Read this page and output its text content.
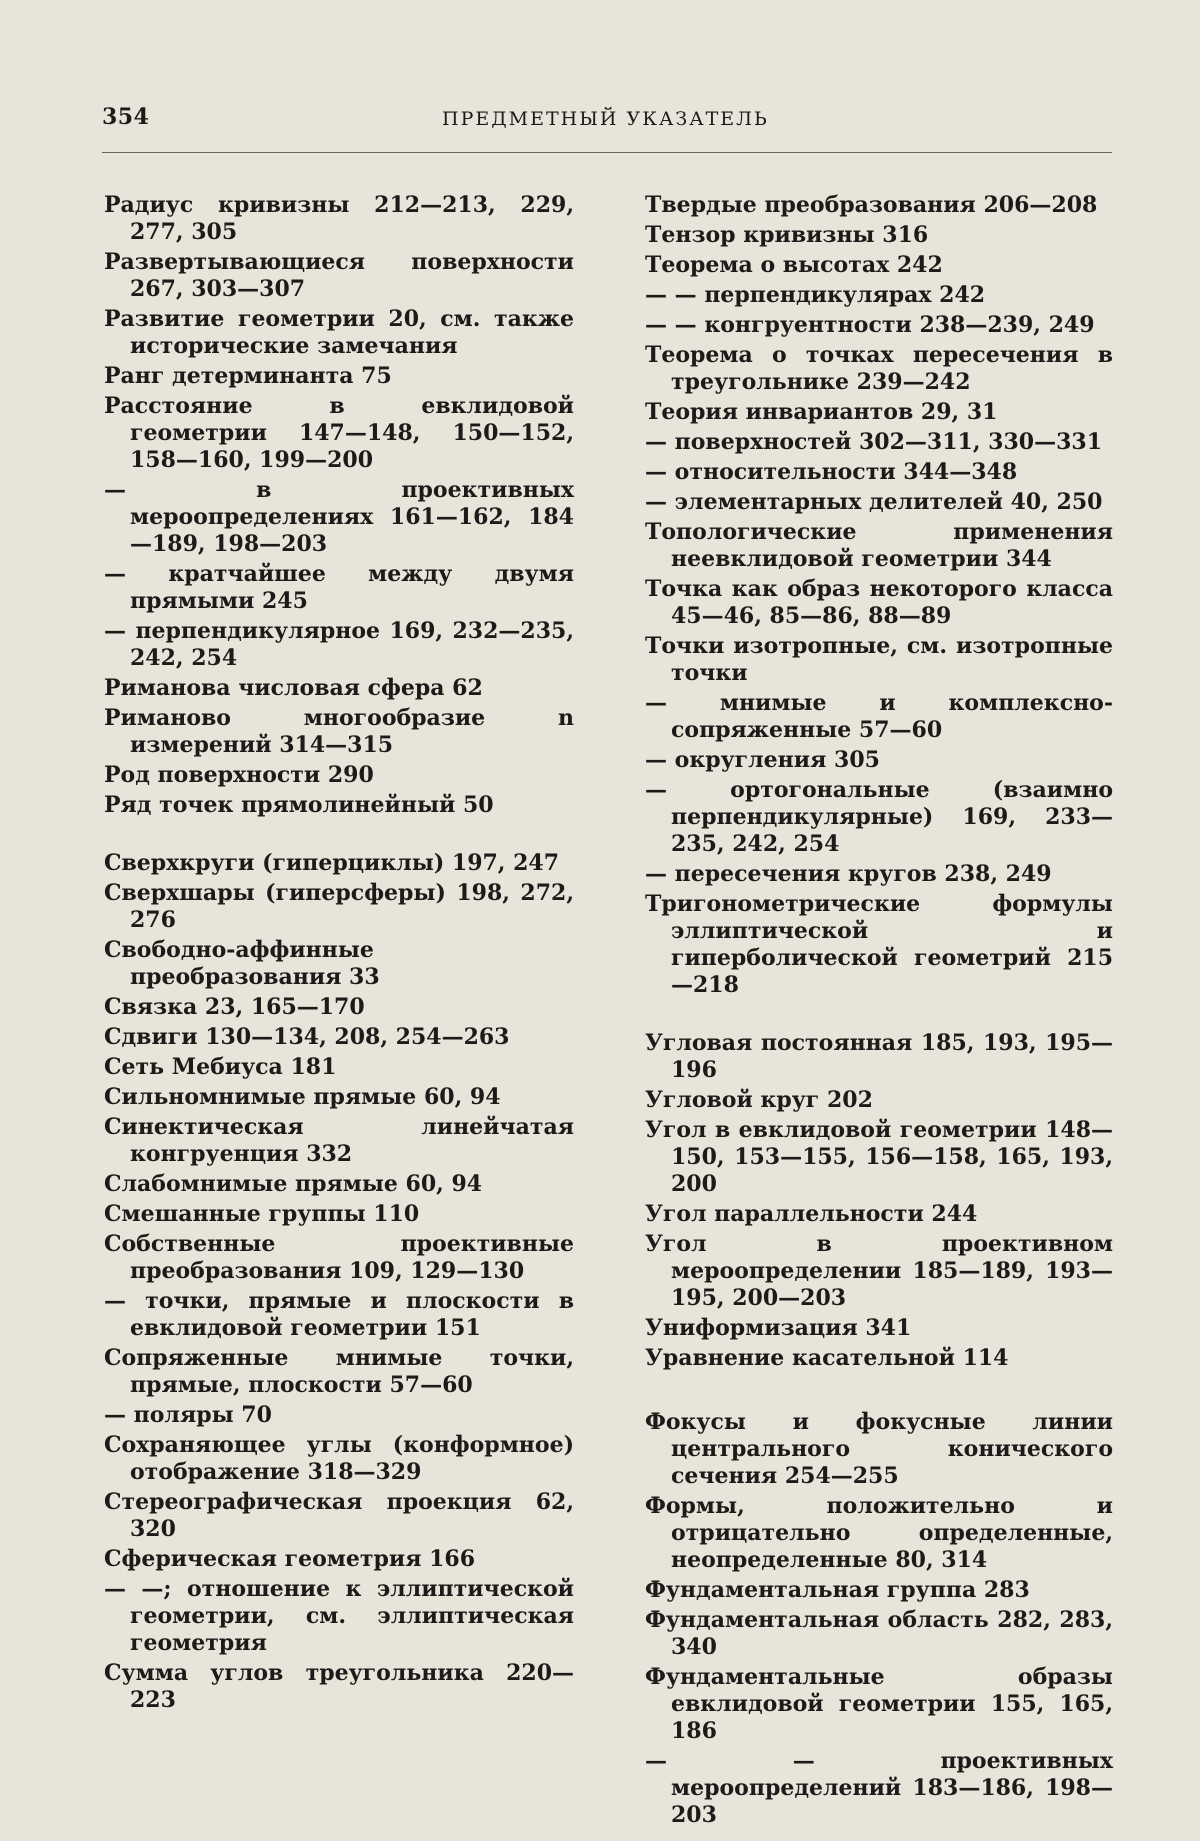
354	ПРЕДМЕТНЫЙ УКАЗАТЕЛЬ
Радиус кривизны 212—213, 229, 277, 305
Развертывающиеся поверхности 267, 303—307
Развитие геометрии 20, см. также исторические замечания
Ранг детерминанта 75
Расстояние в евклидовой геометрии 147—148, 150—152, 158—160, 199—200
— в проективных мероопределениях 161—162, 184—189, 198—203
— кратчайшее между двумя прямыми 245
— перпендикулярное 169, 232—235, 242, 254
Риманова числовая сфера 62
Риманово многообразие n измерений 314—315
Род поверхности 290
Ряд точек прямолинейный 50
Сверхкруги (гиперциклы) 197, 247
Сверхшары (гиперсферы) 198, 272, 276
Свободно-аффинные преобразования 33
Связка 23, 165—170
Сдвиги 130—134, 208, 254—263
Сеть Мебиуса 181
Сильномнимые прямые 60, 94
Синектическая линейчатая конгруенция 332
Слабомнимые прямые 60, 94
Смешанные группы 110
Собственные проективные преобразования 109, 129—130
— точки, прямые и плоскости в евклидовой геометрии 151
Сопряженные мнимые точки, прямые, плоскости 57—60
— поляры 70
Сохраняющее углы (конформное) отображение 318—329
Стереографическая проекция 62, 320
Сферическая геометрия 166
— —; отношение к эллиптической геометрии, см. эллиптическая геометрия
Сумма углов треугольника 220—223
Твердые преобразования 206—208
Тензор кривизны 316
Теорема о высотах 242
— — перпендикулярах 242
— — конгруентности 238—239, 249
Теорема о точках пересечения в треугольнике 239—242
Теория инвариантов 29, 31
— поверхностей 302—311, 330—331
— относительности 344—348
— элементарных делителей 40, 250
Топологические применения неевклидовой геометрии 344
Точка как образ некоторого класса 45—46, 85—86, 88—89
Точки изотропные, см. изотропные точки
— мнимые и комплексно-сопряженные 57—60
— округления 305
— ортогональные (взаимно перпендикулярные) 169, 233—235, 242, 254
— пересечения кругов 238, 249
Тригонометрические формулы эллиптической и гиперболической геометрий 215—218
Угловая постоянная 185, 193, 195—196
Угловой круг 202
Угол в евклидовой геометрии 148—150, 153—155, 156—158, 165, 193, 200
Угол параллельности 244
Угол в проективном мероопределении 185—189, 193—195, 200—203
Униформизация 341
Уравнение касательной 114
Фокусы и фокусные линии центрального конического сечения 254—255
Формы, положительно и отрицательно определенные, неопределенные 80, 314
Фундаментальная группа 283
Фундаментальная область 282, 283, 340
Фундаментальные образы евклидовой геометрии 155, 165, 186
— — проективных мероопределений 183—186, 198—203
